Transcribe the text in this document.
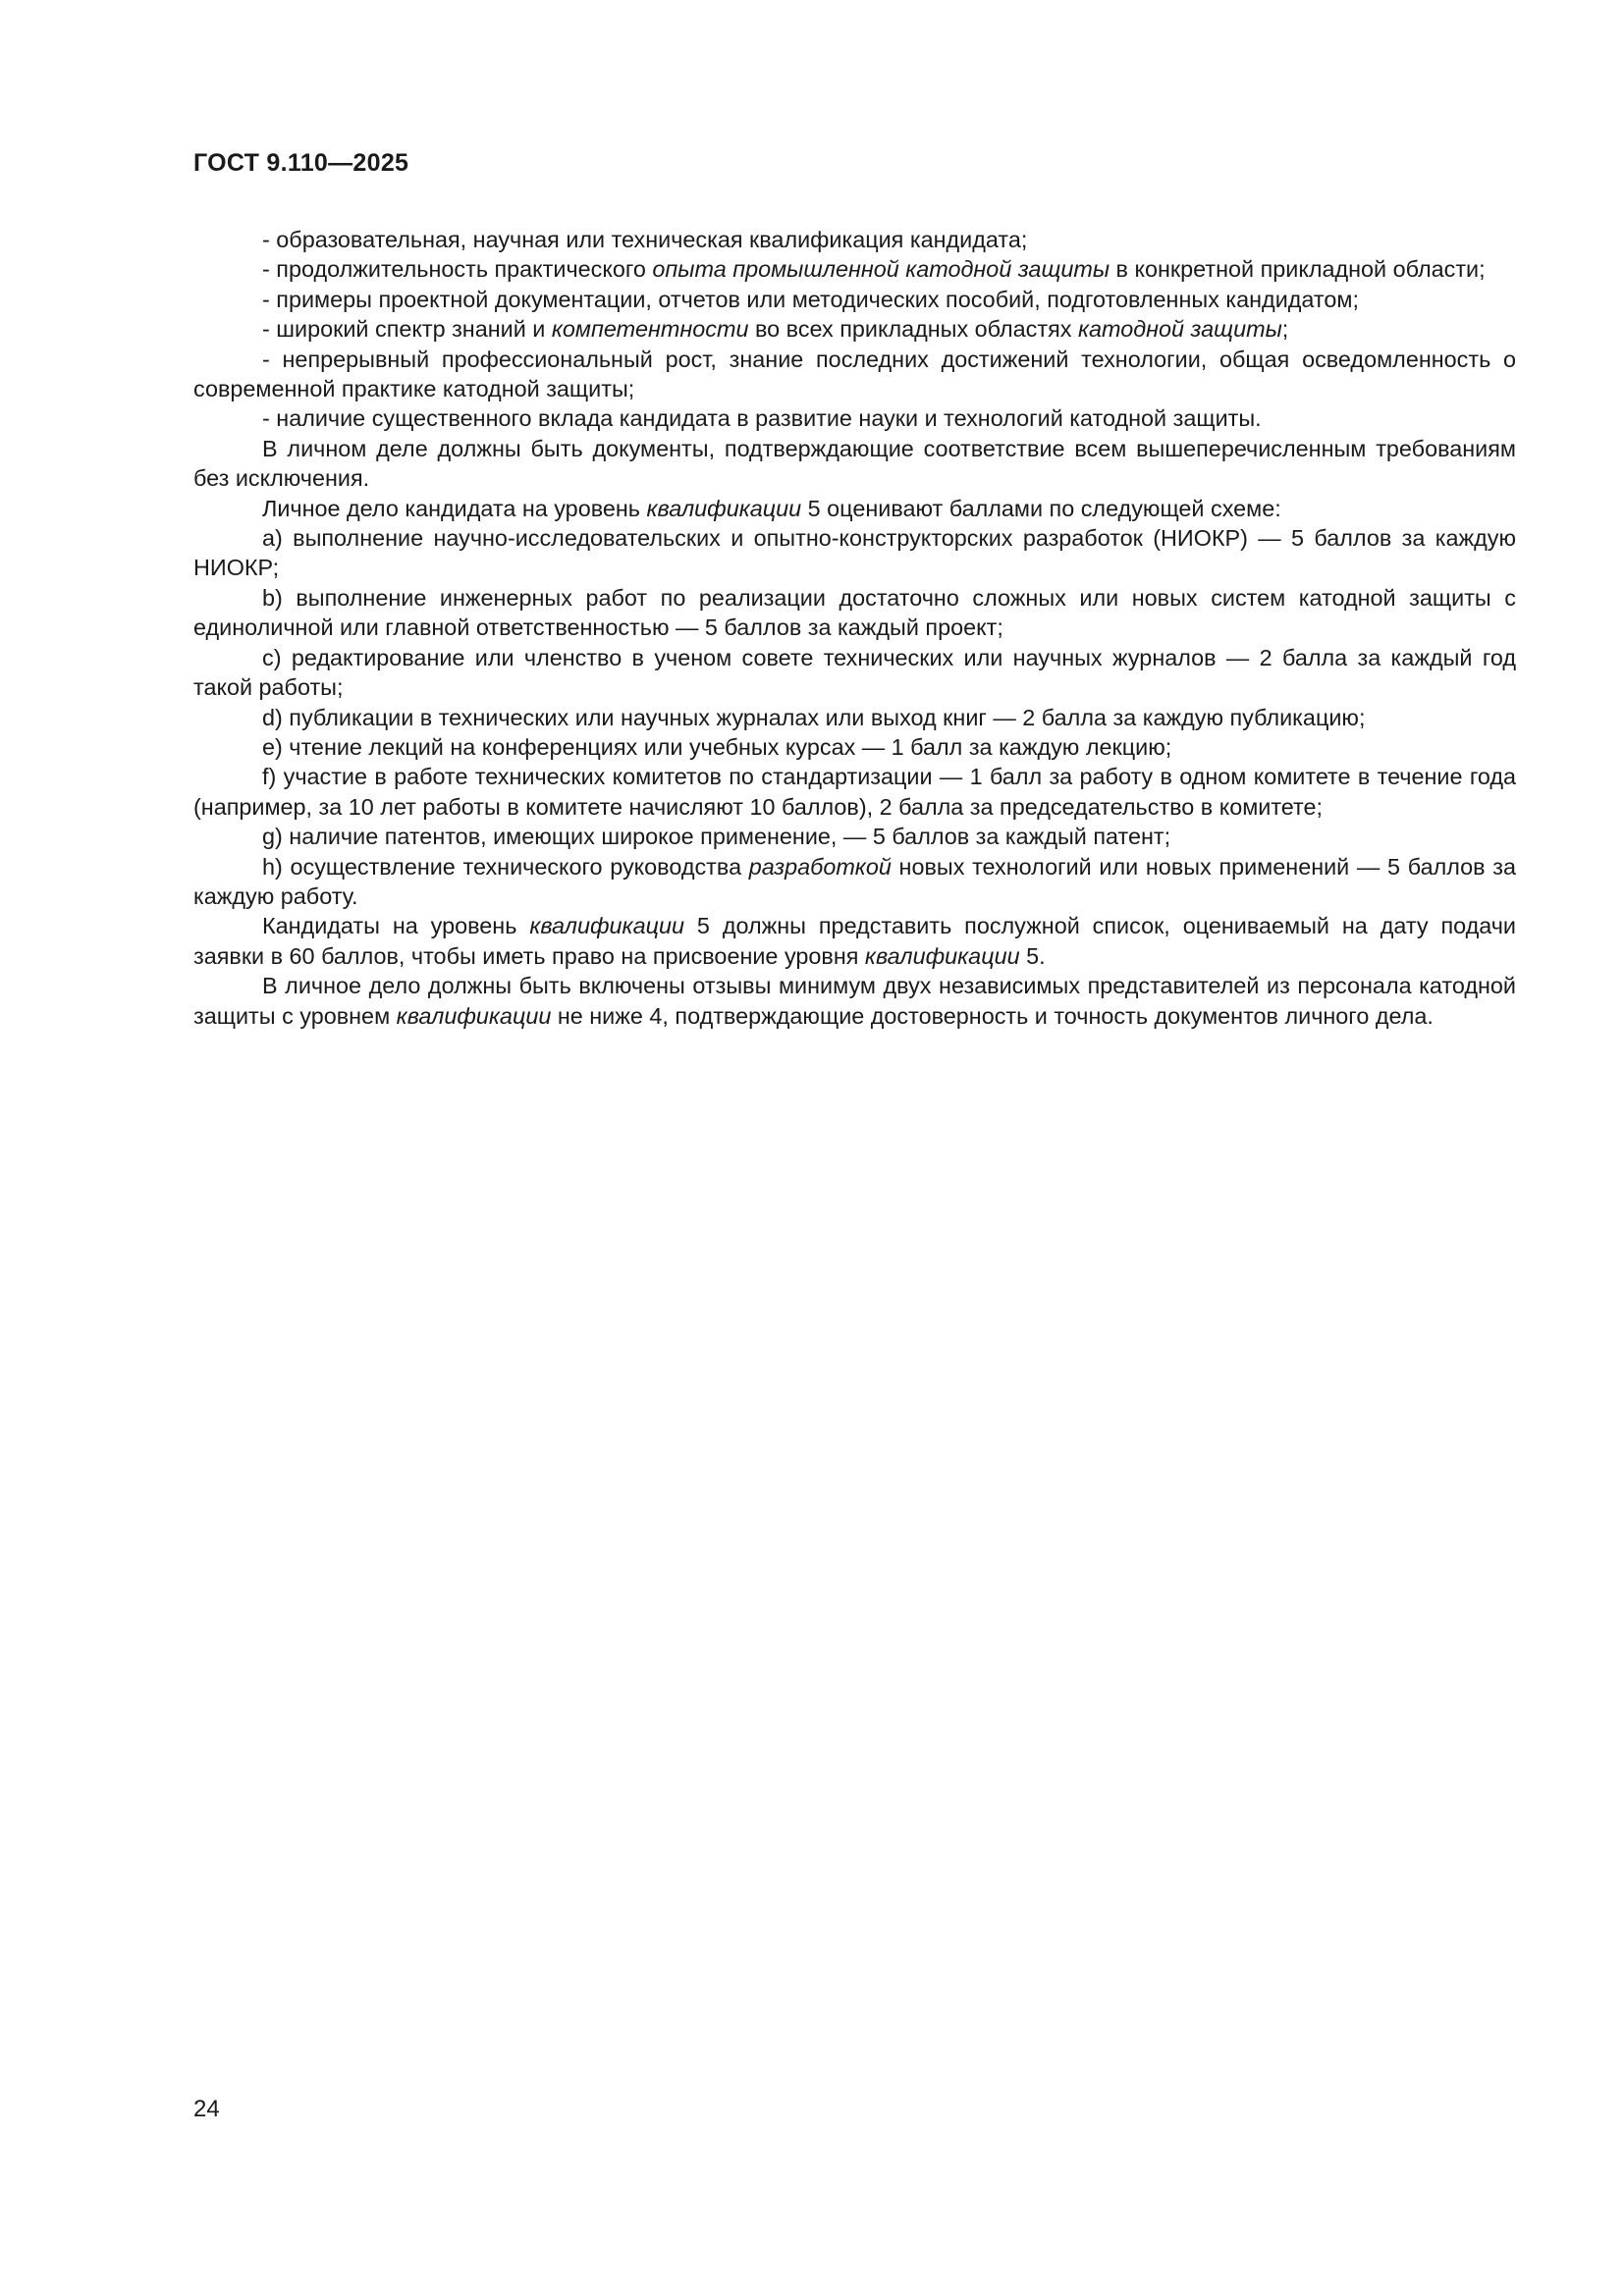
ГОСТ 9.110—2025

- образовательная, научная или техническая квалификация кандидата;

- продолжительность практического опыта промышленной катодной защиты в конкретной прикладной области;

- примеры проектной документации, отчетов или методических пособий, подготовленных кандидатом;

- широкий спектр знаний и компетентности во всех прикладных областях катодной защиты;

- непрерывный профессиональный рост, знание последних достижений технологии, общая осведомленность о современной практике катодной защиты;

- наличие существенного вклада кандидата в развитие науки и технологий катодной защиты.

В личном деле должны быть документы, подтверждающие соответствие всем вышеперечисленным требованиям без исключения.

Личное дело кандидата на уровень квалификации 5 оценивают баллами по следующей схеме:

a) выполнение научно-исследовательских и опытно-конструкторских разработок (НИОКР) — 5 баллов за каждую НИОКР;

b) выполнение инженерных работ по реализации достаточно сложных или новых систем катодной защиты с единоличной или главной ответственностью — 5 баллов за каждый проект;

c) редактирование или членство в ученом совете технических или научных журналов — 2 балла за каждый год такой работы;

d) публикации в технических или научных журналах или выход книг — 2 балла за каждую публикацию;

e) чтение лекций на конференциях или учебных курсах — 1 балл за каждую лекцию;

f) участие в работе технических комитетов по стандартизации — 1 балл за работу в одном комитете в течение года (например, за 10 лет работы в комитете начисляют 10 баллов), 2 балла за председательство в комитете;

g) наличие патентов, имеющих широкое применение, — 5 баллов за каждый патент;

h) осуществление технического руководства разработкой новых технологий или новых применений — 5 баллов за каждую работу.

Кандидаты на уровень квалификации 5 должны представить послужной список, оцениваемый на дату подачи заявки в 60 баллов, чтобы иметь право на присвоение уровня квалификации 5.

В личное дело должны быть включены отзывы минимум двух независимых представителей из персонала катодной защиты с уровнем квалификации не ниже 4, подтверждающие достоверность и точность документов личного дела.

24
